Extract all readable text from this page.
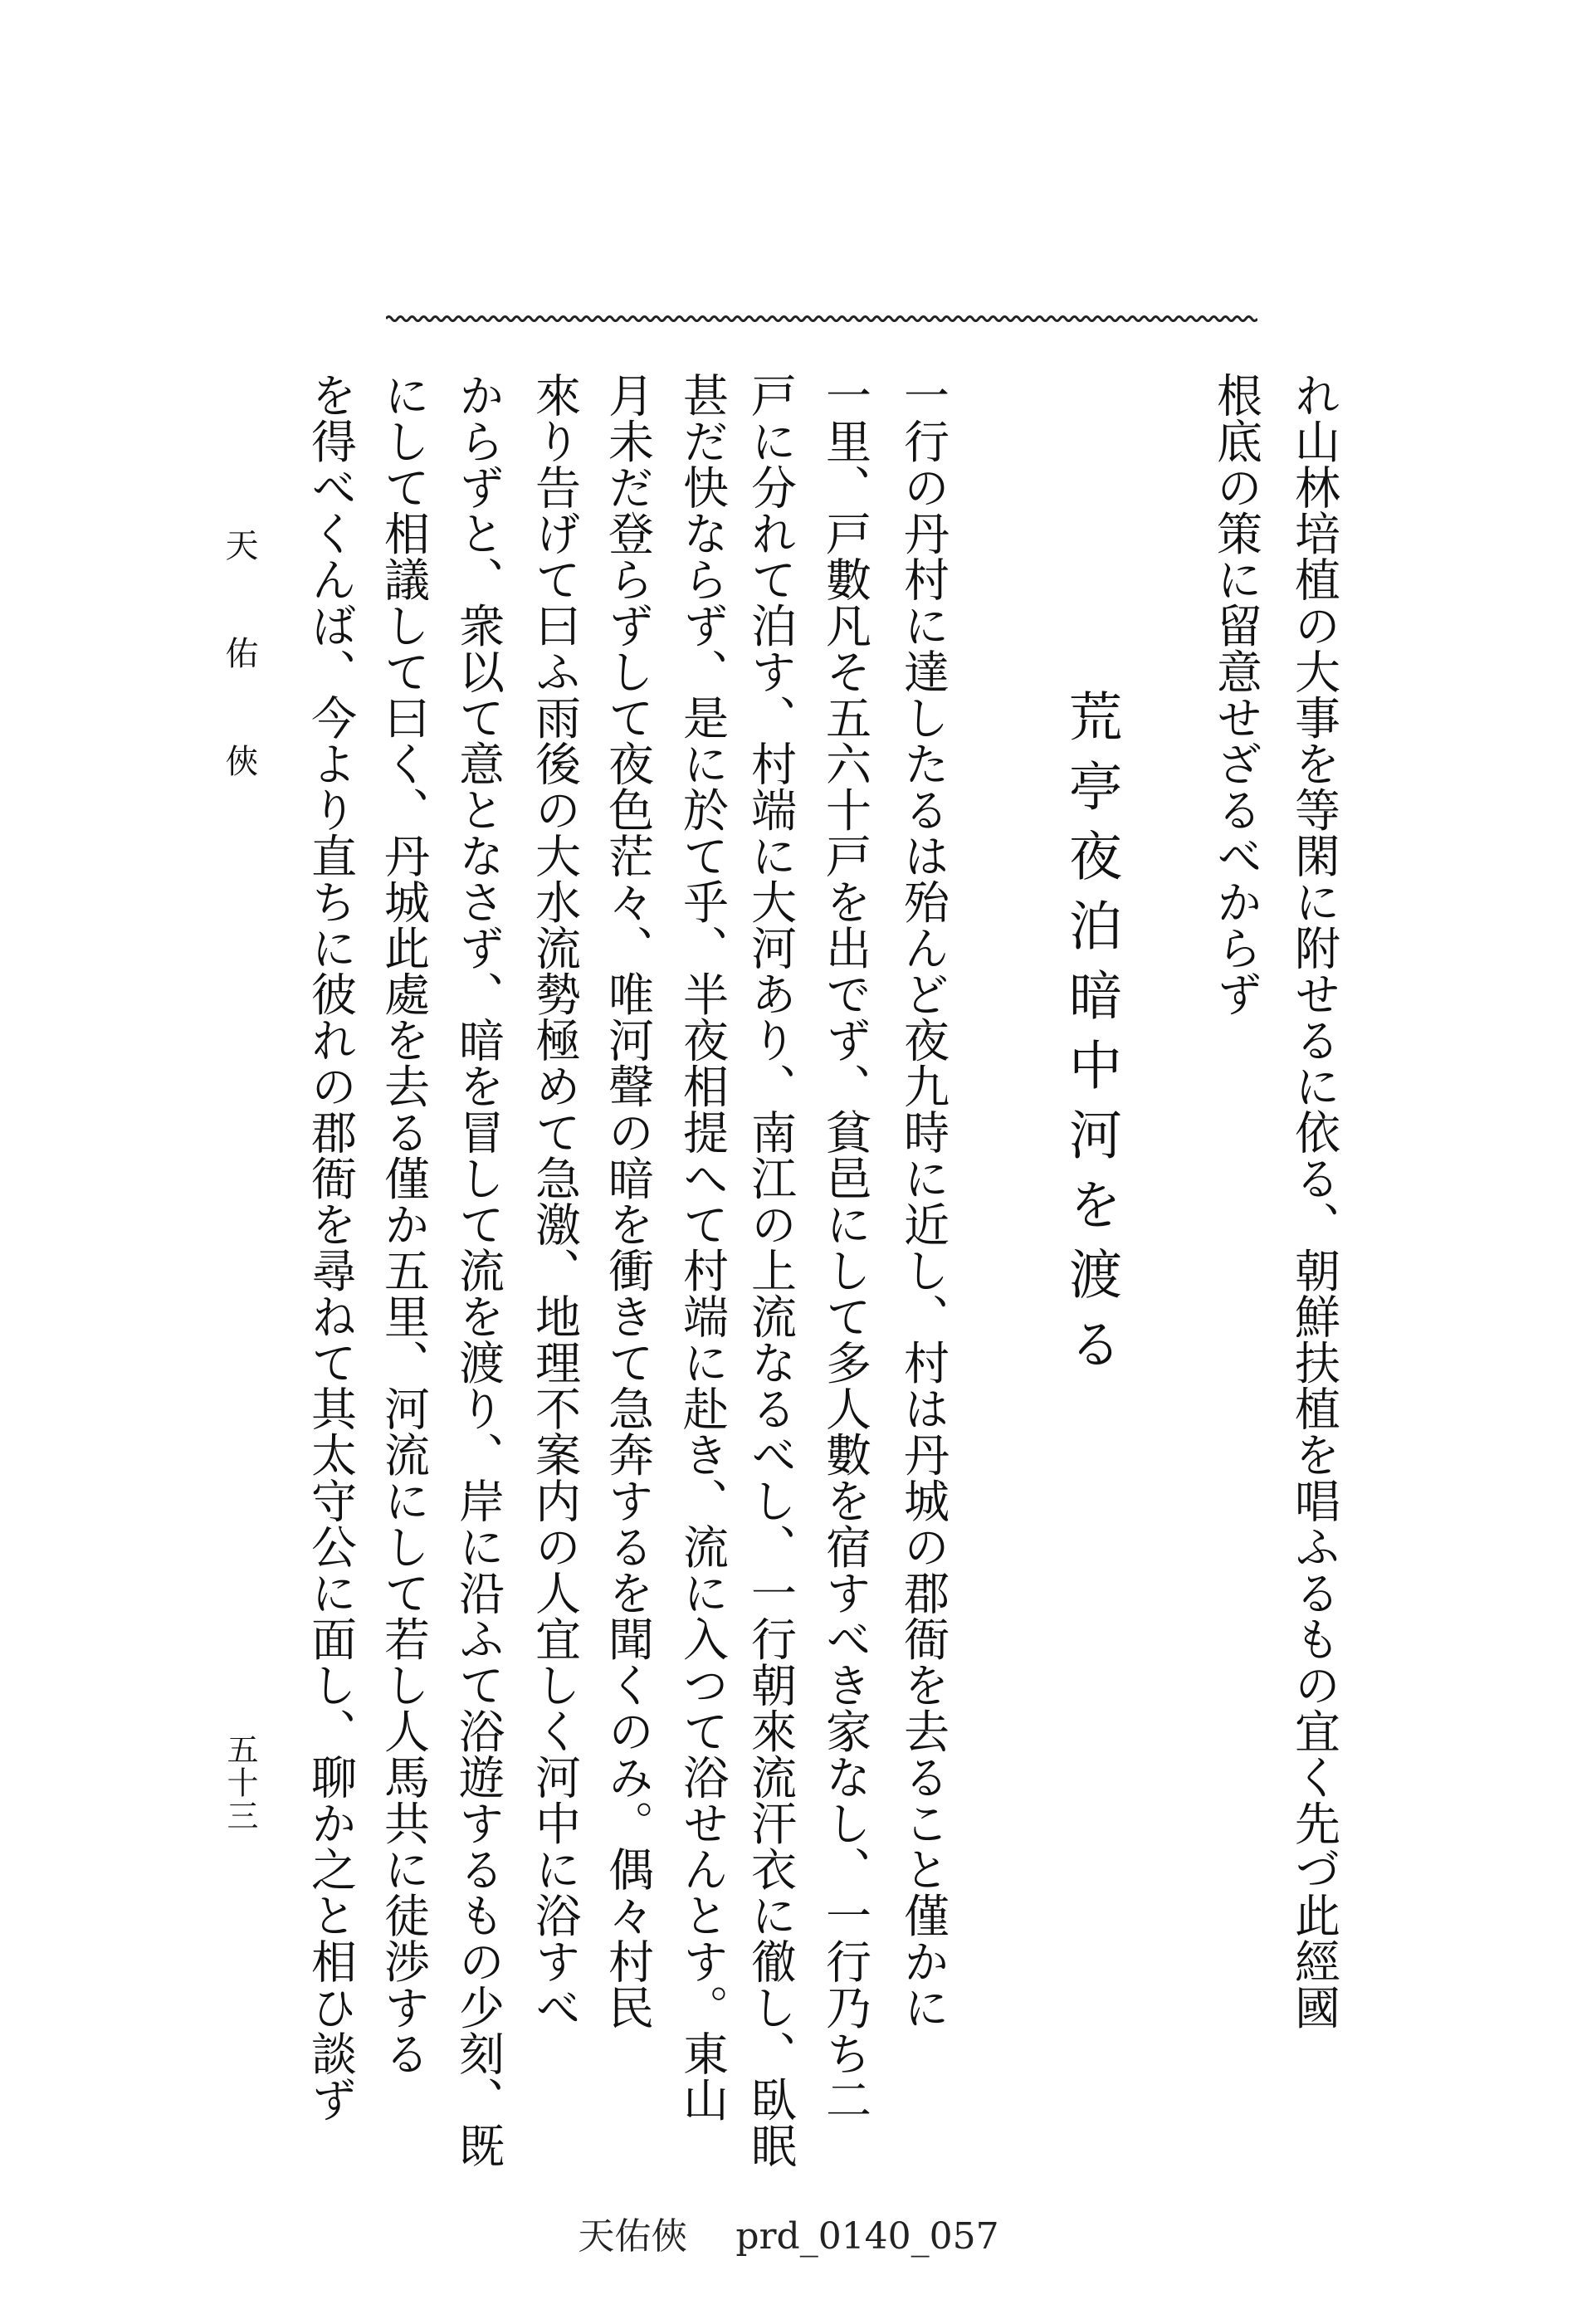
れ山林培植の大事を等閑に附せるに依る、朝鮮扶植を唱ふるもの宜く先づ此經國
根底の策に留意せざるべからず
荒亭夜泊暗中河を渡る
一行の丹村に達したるは殆んど夜九時に近し、村は丹城の郡衙を去ること僅かに
一里、戸數凡そ五六十戸を出でず、貧邑にして多人數を宿すべき家なし、一行乃ち二
戸に分れて泊す、村端に大河あり、南江の上流なるべし、一行朝來流汗衣に徹し、臥眠
甚だ快ならず、是に於て乎、半夜相提へて村端に赴き、流に入つて浴せんとす。東山
月未だ登らずして夜色茫々、唯河聲の暗を衝きて急奔するを聞くのみ。偶々村民
來り告げて曰ふ雨後の大水流勢極めて急激、地理不案内の人宜しく河中に浴すべ
からずと、衆以て意となさず、暗を冒して流を渡り、岸に沿ふて浴遊するもの少刻、既
にして相議して曰く、丹城此處を去る僅か五里、河流にして若し人馬共に徒渉する
を得べくんば、今より直ちに彼れの郡衙を尋ねて其太守公に面し、聊か之と相ひ談ず
天佑俠
五十三
天佑俠 prd_0140_057
